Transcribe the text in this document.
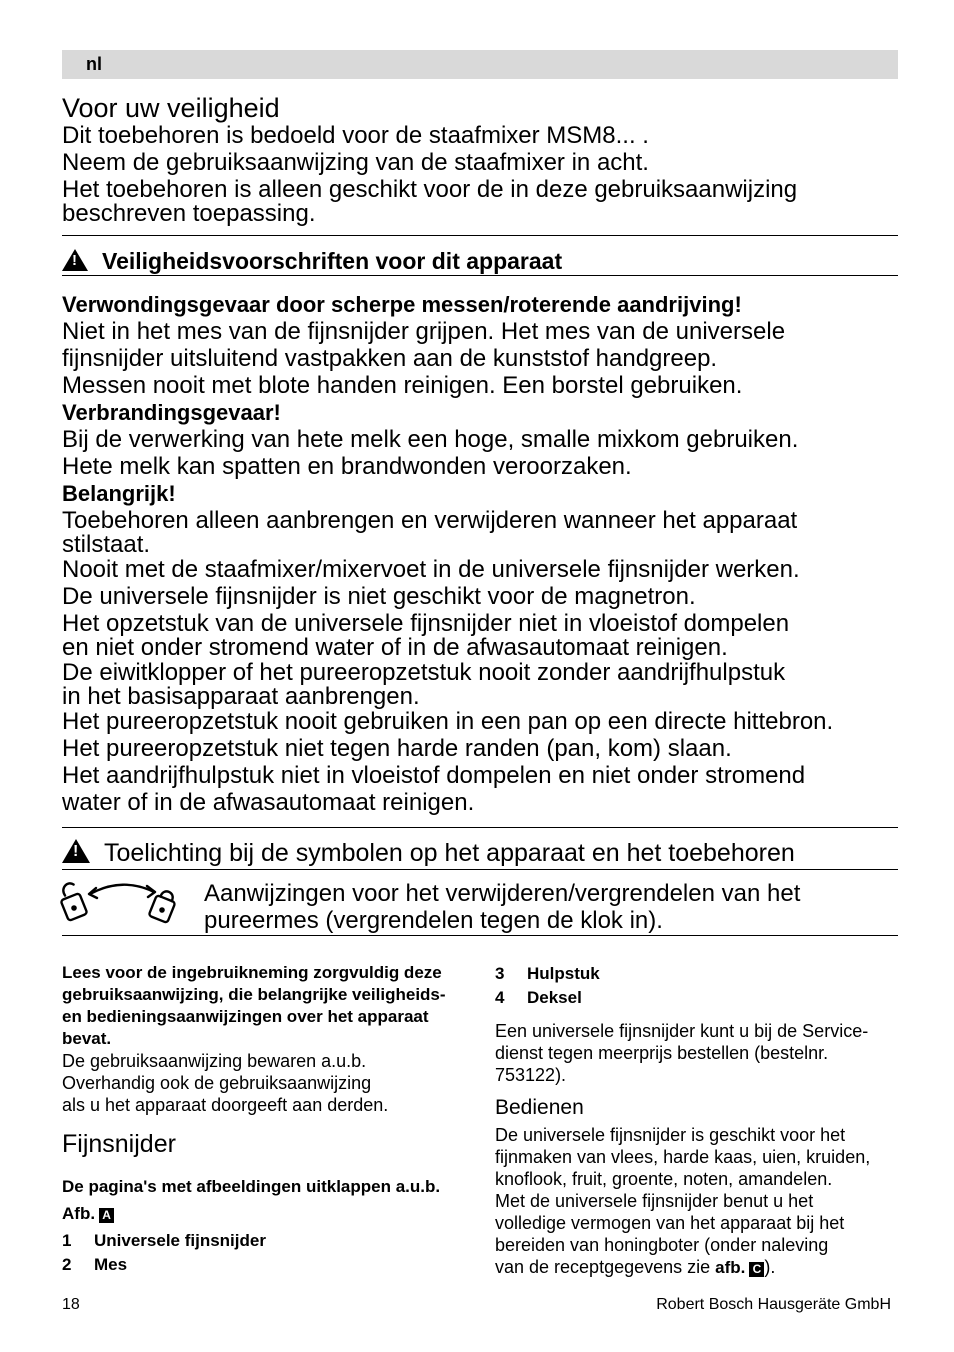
nl
Voor uw veiligheid
Dit toebehoren is bedoeld voor de staafmixer MSM8... .
Neem de gebruiksaanwijzing van de staafmixer in acht.
Het toebehoren is alleen geschikt voor de in deze gebruiksaanwijzing
beschreven toepassing.
!Veiligheidsvoorschriften voor dit apparaat
Verwondingsgevaar door scherpe messen/roterende aandrijving!
Niet in het mes van de fijnsnijder grijpen. Het mes van de universele
fijnsnijder uitsluitend vastpakken aan de kunststof handgreep.
Messen nooit met blote handen reinigen. Een borstel gebruiken.
Verbrandingsgevaar!
Bij de verwerking van hete melk een hoge, smalle mixkom gebruiken.
Hete melk kan spatten en brandwonden veroorzaken.
Belangrijk!
Toebehoren alleen aanbrengen en verwijderen wanneer het apparaat
stilstaat.
Nooit met de staafmixer/mixervoet in de universele fijnsnijder werken.
De universele fijnsnijder is niet geschikt voor de magnetron.
Het opzetstuk van de universele fijnsnijder niet in vloeistof dompelen
en niet onder stromend water of in de afwasautomaat reinigen.
De eiwitklopper of het pureeropzetstuk nooit zonder aandrijfhulpstuk
in het basisapparaat aanbrengen.
Het pureeropzetstuk nooit gebruiken in een pan op een directe hittebron.
Het pureeropzetstuk niet tegen harde randen (pan, kom) slaan.
Het aandrijfhulpstuk niet in vloeistof dompelen en niet onder stromend
water of in de afwasautomaat reinigen.
!Toelichting bij de symbolen op het apparaat en het toebehoren
Aanwijzingen voor het verwijderen/vergrendelen van het
pureermes (vergrendelen tegen de klok in).
Lees voor de ingebruikneming zorgvuldig deze
gebruiksaanwijzing, die belangrijke veiligheids-
en bedieningsaanwijzingen over het apparaat
bevat.
De gebruiksaanwijzing bewaren a.u.b.
Overhandig ook de gebruiksaanwijzing
als u het apparaat doorgeeft aan derden.
Fijnsnijder
De pagina's met afbeeldingen uitklappen a.u.b.
Afb. A
1	Universele fijnsnijder
2	Mes
3	Hulpstuk
4	Deksel
Een universele fijnsnijder kunt u bij de Service-
dienst tegen meerprijs bestellen (bestelnr.
753122).
Bedienen
De universele fijnsnijder is geschikt voor het
fijnmaken van vlees, harde kaas, uien, kruiden,
knoflook, fruit, groente, noten, amandelen.
Met de universele fijnsnijder benut u het
volledige vermogen van het apparaat bij het
bereiden van honingboter (onder naleving
van de receptgegevens zie afb. C ).
18	Robert Bosch Hausgeräte GmbH
